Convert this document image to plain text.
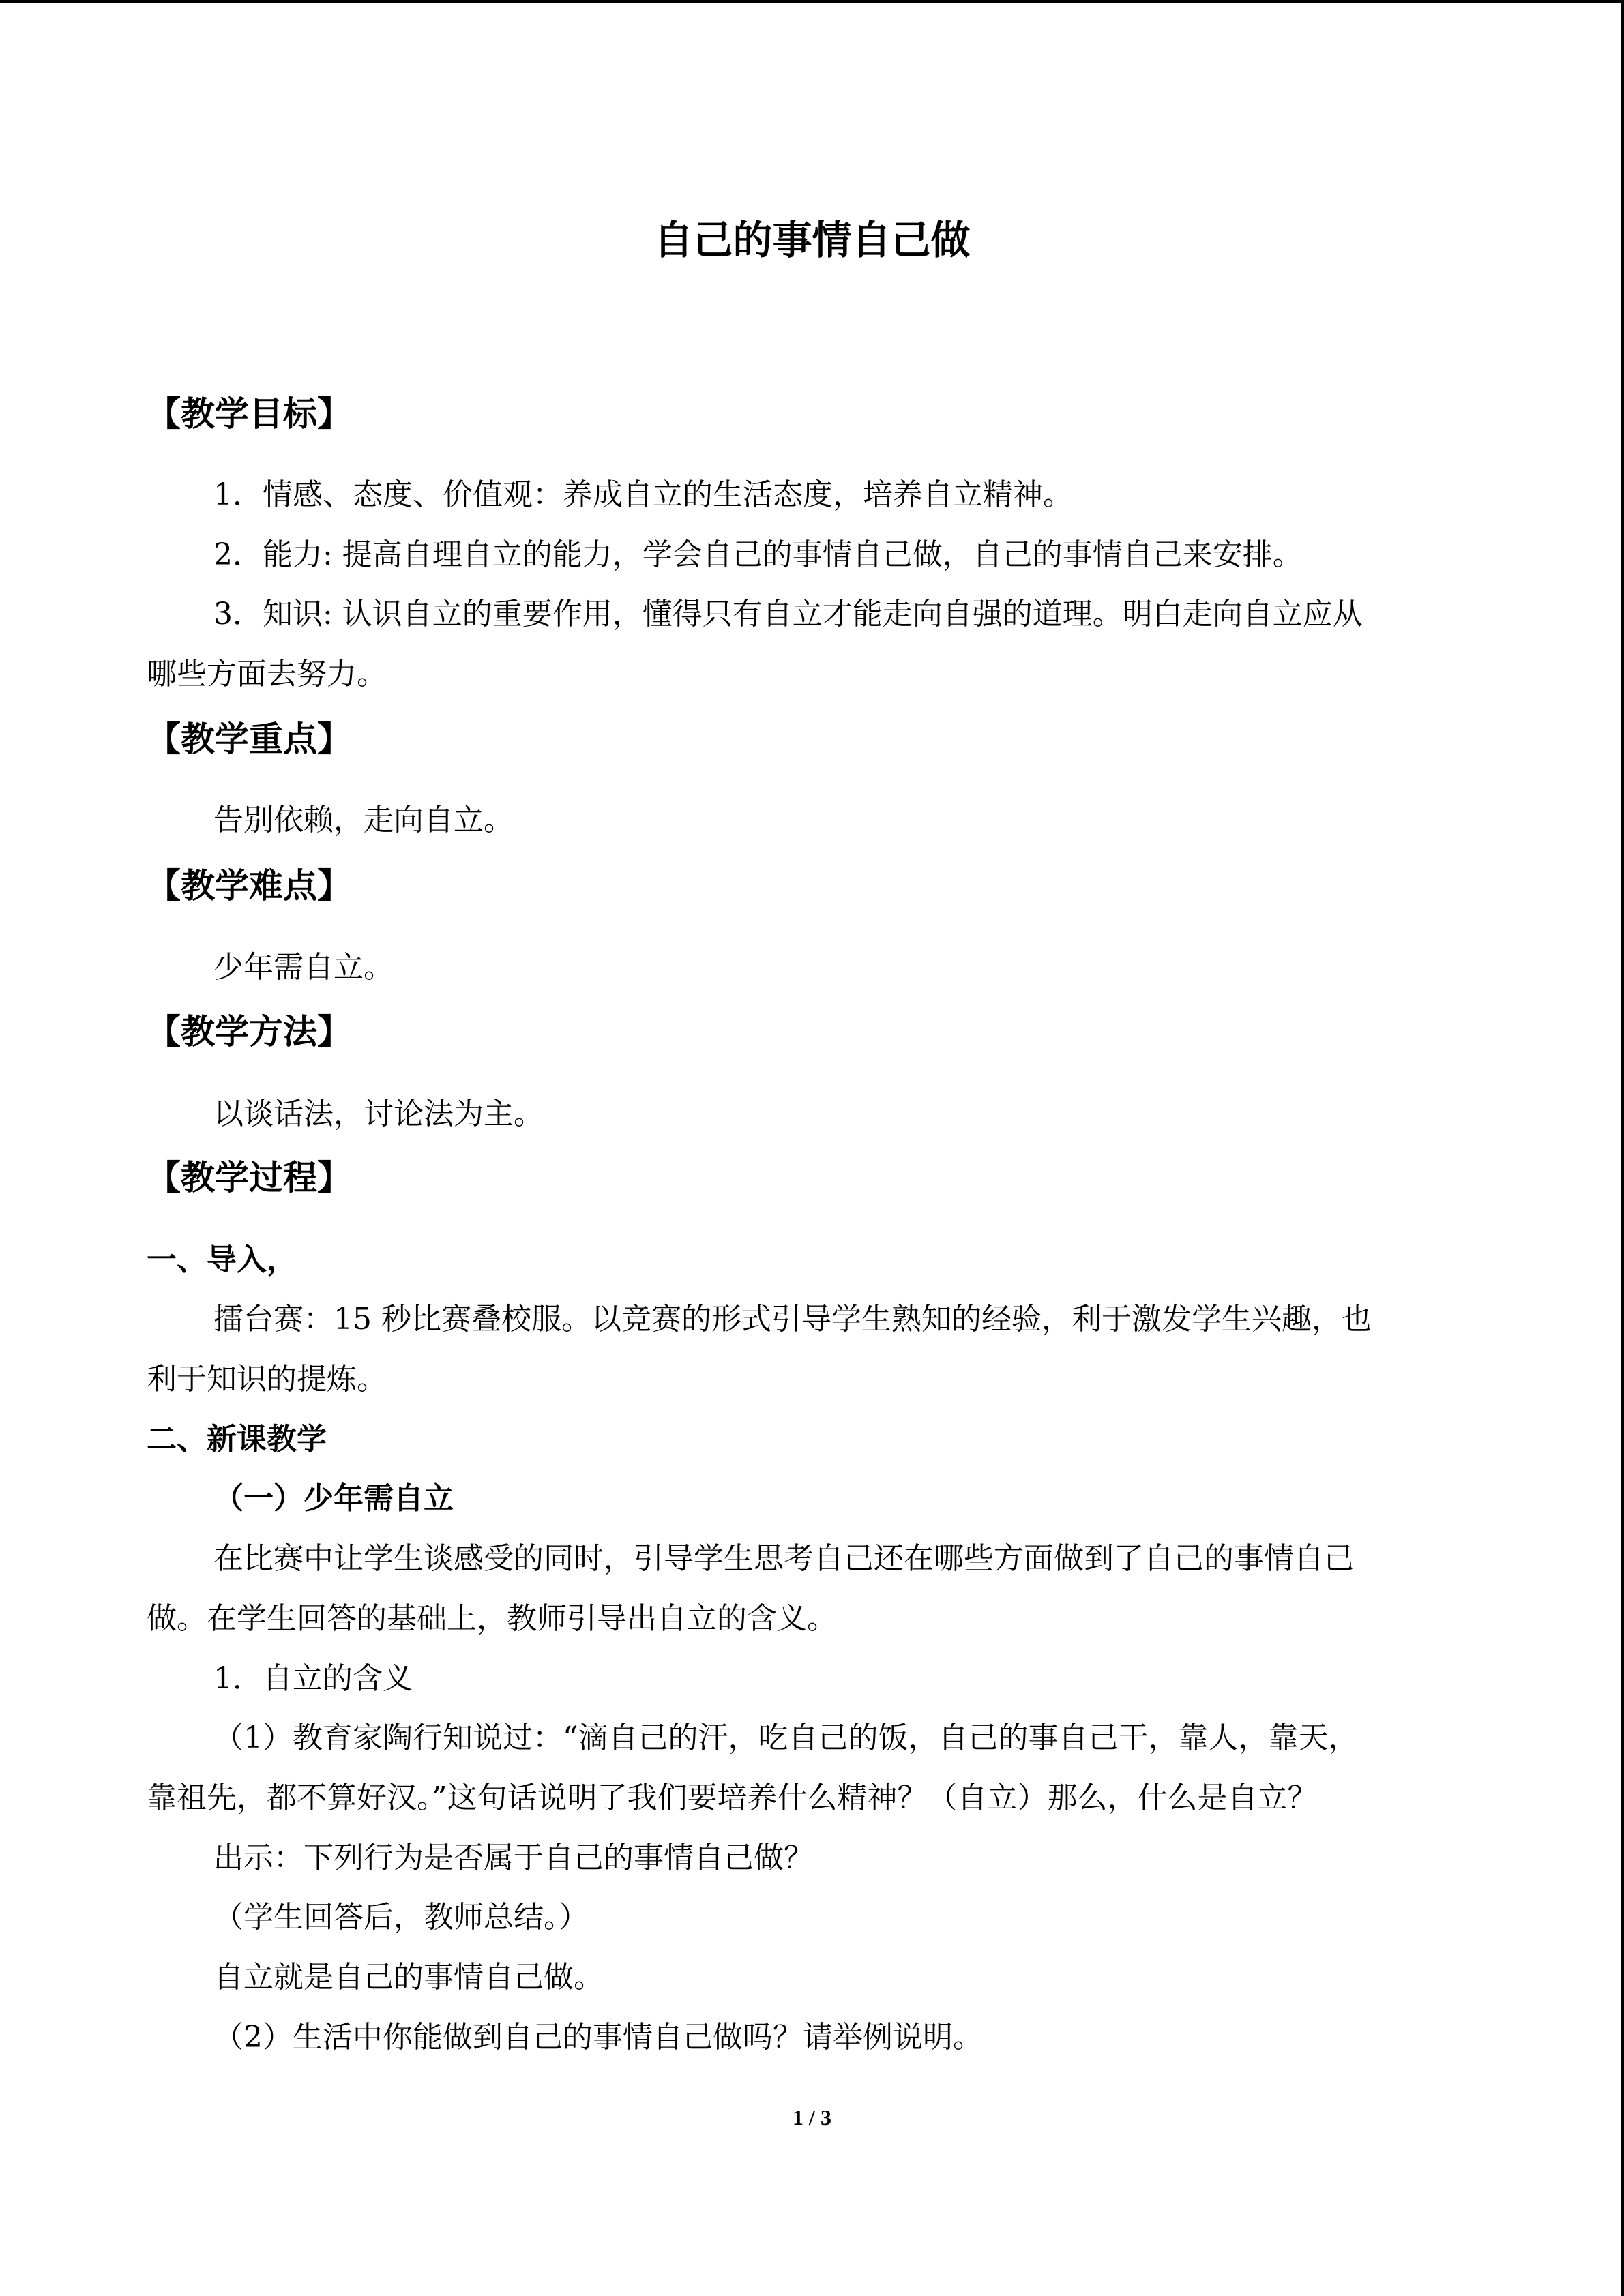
自己的事情自己做
【教学目标】
1．情感、态度、价值观：养成自立的生活态度，培养自立精神。
2．能力: 提高自理自立的能力，学会自己的事情自己做，自己的事情自己来安排。
3．知识: 认识自立的重要作用，懂得只有自立才能走向自强的道理。明白走向自立应从
哪些方面去努力。
【教学重点】
告别依赖，走向自立。
【教学难点】
少年需自立。
【教学方法】
以谈话法，讨论法为主。
【教学过程】
一、导入，
擂台赛：15 秒比赛叠校服。以竞赛的形式引导学生熟知的经验，利于激发学生兴趣，也
利于知识的提炼。
二、新课教学
（一）少年需自立
在比赛中让学生谈感受的同时，引导学生思考自己还在哪些方面做到了自己的事情自己
做。在学生回答的基础上，教师引导出自立的含义。
1．自立的含义
（1）教育家陶行知说过：“滴自己的汗，吃自己的饭，自己的事自己干，靠人，靠天，
靠祖先，都不算好汉。”这句话说明了我们要培养什么精神？（自立）那么，什么是自立？
出示：下列行为是否属于自己的事情自己做？
（学生回答后，教师总结。）
自立就是自己的事情自己做。
（2）生活中你能做到自己的事情自己做吗？请举例说明。
1 / 3
